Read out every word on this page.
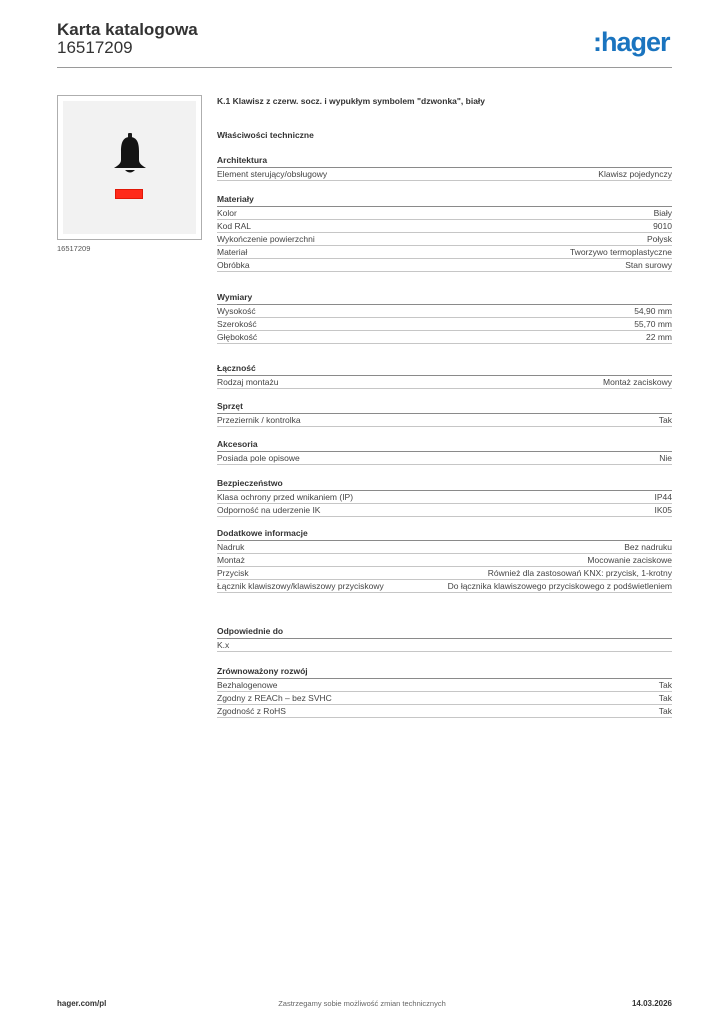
Karta katalogowa
16517209	:hager
16517209
K.1 Klawisz z czerw. socz. i wypukłym symbolem "dzwonka", biały
Właściwości techniczne
Architektura
Element sterujący/obsługowy	Klawisz pojedynczy
Materiały
Kolor	Biały
Kod RAL	9010
Wykończenie powierzchni	Połysk
Materiał	Tworzywo termoplastyczne
Obróbka	Stan surowy
Wymiary
Wysokość	54,90 mm
Szerokość	55,70 mm
Głębokość	22 mm
Łączność
Rodzaj montażu	Montaż zaciskowy
Sprzęt
Przeziernik / kontrolka	Tak
Akcesoria
Posiada pole opisowe	Nie
Bezpieczeństwo
Klasa ochrony przed wnikaniem (IP)	IP44
Odporność na uderzenie IK	IK05
Dodatkowe informacje
Nadruk	Bez nadruku
Montaż	Mocowanie zaciskowe
Przycisk	Również dla zastosowań KNX: przycisk, 1-krotny
Łącznik klawiszowy/klawiszowy przyciskowy	Do łącznika klawiszowego przyciskowego z podświetleniem
Odpowiednie do
K.x
Zrównoważony rozwój
Bezhalogenowe	Tak
Zgodny z REACh – bez SVHC	Tak
Zgodność z RoHS	Tak
hager.com/pl	Zastrzegamy sobie możliwość zmian technicznych	14.03.2026
